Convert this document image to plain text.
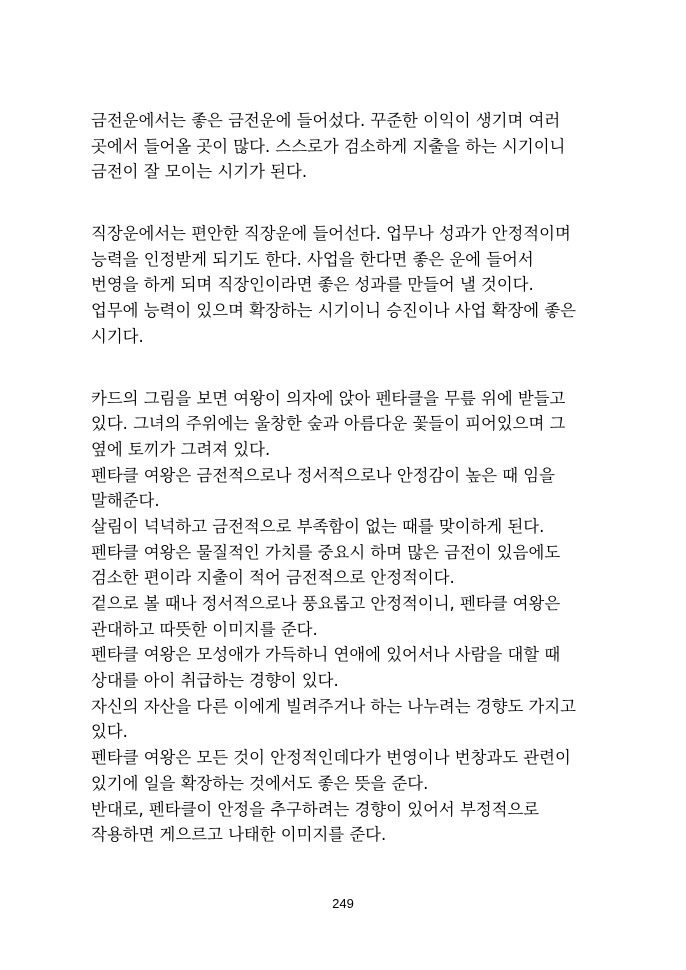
금전운에서는 좋은 금전운에 들어섰다. 꾸준한 이익이 생기며 여러
곳에서 들어올 곳이 많다. 스스로가 검소하게 지출을 하는 시기이니
금전이 잘 모이는 시기가 된다.
직장운에서는 편안한 직장운에 들어선다. 업무나 성과가 안정적이며
능력을 인정받게 되기도 한다. 사업을 한다면 좋은 운에 들어서
번영을 하게 되며 직장인이라면 좋은 성과를 만들어 낼 것이다.
업무에 능력이 있으며 확장하는 시기이니 승진이나 사업 확장에 좋은
시기다.
카드의 그림을 보면 여왕이 의자에 앉아 펜타클을 무릎 위에 받들고
있다. 그녀의 주위에는 울창한 숲과 아름다운 꽃들이 피어있으며 그
옆에 토끼가 그려져 있다.
펜타클 여왕은 금전적으로나 정서적으로나 안정감이 높은 때 임을
말해준다.
살림이 넉넉하고 금전적으로 부족함이 없는 때를 맞이하게 된다.
펜타클 여왕은 물질적인 가치를 중요시 하며 많은 금전이 있음에도
검소한 편이라 지출이 적어 금전적으로 안정적이다.
겉으로 볼 때나 정서적으로나 풍요롭고 안정적이니, 펜타클 여왕은
관대하고 따뜻한 이미지를 준다.
펜타클 여왕은 모성애가 가득하니 연애에 있어서나 사람을 대할 때
상대를 아이 취급하는 경향이 있다.
자신의 자산을 다른 이에게 빌려주거나 하는 나누려는 경향도 가지고
있다.
펜타클 여왕은 모든 것이 안정적인데다가 번영이나 번창과도 관련이
있기에 일을 확장하는 것에서도 좋은 뜻을 준다.
반대로, 펜타클이 안정을 추구하려는 경향이 있어서 부정적으로
작용하면 게으르고 나태한 이미지를 준다.
249
